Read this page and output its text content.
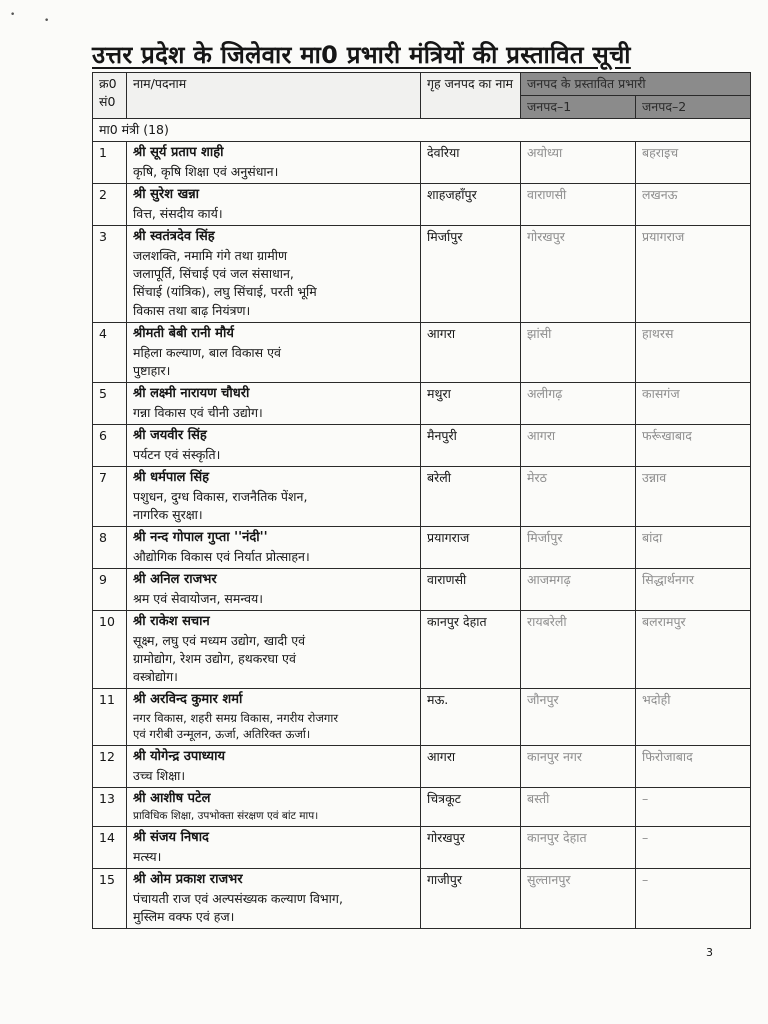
•
•
उत्तर प्रदेश के जिलेवार मा0 प्रभारी मंत्रियों की प्रस्तावित सूची
क्र0 सं0	नाम/पदनाम	गृह जनपद का नाम	जनपद के प्रस्तावित प्रभारी	
			जनपद–1	जनपद–2
मा0 मंत्री (18)				
1	श्री सूर्य प्रताप शाही
कृषि, कृषि शिक्षा एवं अनुसंधान।	देवरिया	अयोध्या	बहराइच
2	श्री सुरेश खन्ना
वित्त, संसदीय कार्य।	शाहजहाँपुर	वाराणसी	लखनऊ
3	श्री स्वतंत्रदेव सिंह
जलशक्ति, नमामि गंगे तथा ग्रामीण
जलापूर्ति, सिंचाई एवं जल संसाधान,
सिंचाई (यांत्रिक), लघु सिंचाई, परती भूमि
विकास तथा बाढ़ नियंत्रण।	मिर्जापुर	गोरखपुर	प्रयागराज
4	श्रीमती बेबी रानी मौर्य
महिला कल्याण, बाल विकास एवं
पुष्टाहार।	आगरा	झांसी	हाथरस
5	श्री लक्ष्मी नारायण चौधरी
गन्ना विकास एवं चीनी उद्योग।	मथुरा	अलीगढ़	कासगंज
6	श्री जयवीर सिंह
पर्यटन एवं संस्कृति।	मैनपुरी	आगरा	फर्रूखाबाद
7	श्री धर्मपाल सिंह
पशुधन, दुग्ध विकास, राजनैतिक पेंशन,
नागरिक सुरक्षा।	बरेली	मेरठ	उन्नाव
8	श्री नन्द गोपाल गुप्ता ''नंदी''
औद्योगिक विकास एवं निर्यात प्रोत्साहन।	प्रयागराज	मिर्जापुर	बांदा
9	श्री अनिल राजभर
श्रम एवं सेवायोजन, समन्वय।	वाराणसी	आजमगढ़	सिद्धार्थनगर
10	श्री राकेश सचान
सूक्ष्म, लघु एवं मध्यम उद्योग, खादी एवं
ग्रामोद्योग, रेशम उद्योग, हथकरघा एवं
वस्त्रोद्योग।	कानपुर देहात	रायबरेली	बलरामपुर
11	श्री अरविन्द कुमार शर्मा
नगर विकास, शहरी समग्र विकास, नगरीय रोजगार
एवं गरीबी उन्मूलन, ऊर्जा, अतिरिक्त ऊर्जा।	मऊ.	जौनपुर	भदोही
12	श्री योगेन्द्र उपाध्याय
उच्च शिक्षा।	आगरा	कानपुर नगर	फिरोजाबाद
13	श्री आशीष पटेल
प्राविधिक शिक्षा, उपभोक्ता संरक्षण एवं बांट माप।	चित्रकूट	बस्ती	–
14	श्री संजय निषाद
मत्स्य।	गोरखपुर	कानपुर देहात	–
15	श्री ओम प्रकाश राजभर
पंचायती राज एवं अल्पसंख्यक कल्याण विभाग,
मुस्लिम वक्फ एवं हज।	गाजीपुर	सुल्तानपुर	–
3
